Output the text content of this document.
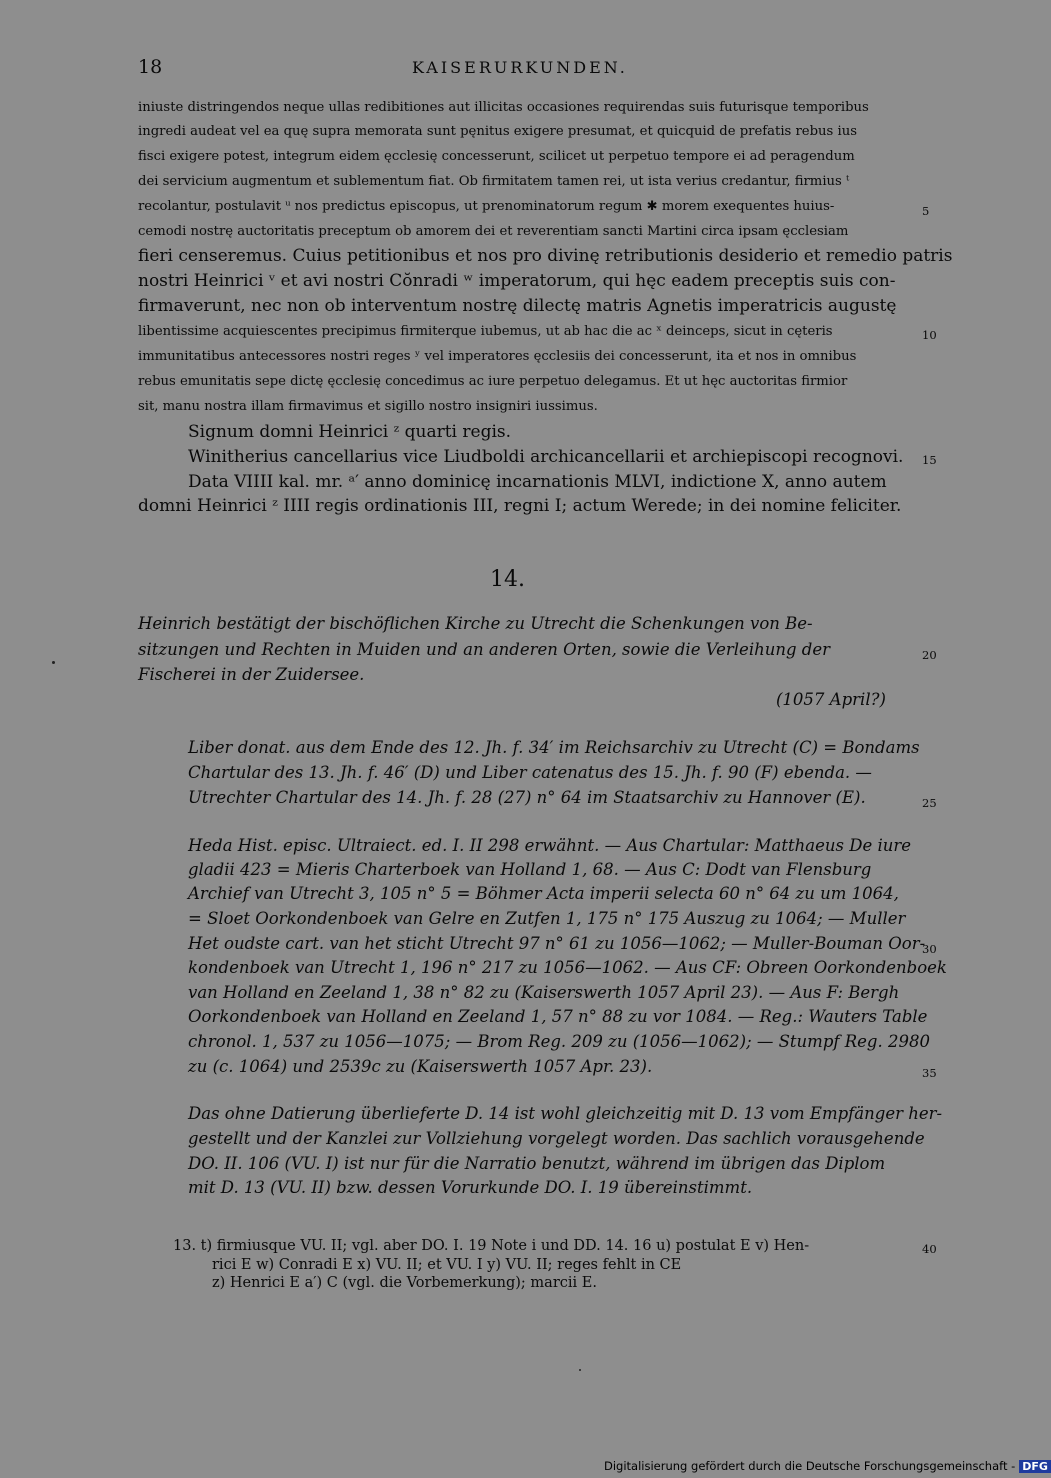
18	KAISERURKUNDEN.
iniuste distringendos neque ullas redibitiones aut illicitas occasiones requirendas suis futurisque temporibus
ingredi audeat vel ea quę supra memorata sunt pęnitus exigere presumat, et quicquid de prefatis rebus ius
fisci exigere potest, integrum eidem ęcclesię concesserunt, scilicet ut perpetuo tempore ei ad peragendum
dei servicium augmentum et sublementum fiat. Ob firmitatem tamen rei, ut ista verius credantur, firmius ᵗ
recolantur, postulavit ᵘ nos predictus episcopus, ut prenominatorum regum ✱ morem exequentes huius-
cemodi nostrę auctoritatis preceptum ob amorem dei et reverentiam sancti Martini circa ipsam ęcclesiam
fieri censeremus. Cuius petitionibus et nos pro divinę retributionis desiderio et remedio patris
nostri Heinrici ᵛ et avi nostri Cŏnradi ʷ imperatorum, qui hęc eadem preceptis suis con-
firmaverunt, nec non ob interventum nostrę dilectę matris Agnetis imperatricis augustę
libentissime acquiescentes precipimus firmiterque iubemus, ut ab hac die ac ˣ deinceps, sicut in cęteris
immunitatibus antecessores nostri reges ʸ vel imperatores ęcclesiis dei concesserunt, ita et nos in omnibus
rebus emunitatis sepe dictę ęcclesię concedimus ac iure perpetuo delegamus. Et ut hęc auctoritas firmior
sit, manu nostra illam firmavimus et sigillo nostro insigniri iussimus.
Signum domni Heinrici ᶻ quarti regis.
Winitherius cancellarius vice Liudboldi archicancellarii et archiepiscopi recognovi.
Data VIIII kal. mr. ᵃ′ anno dominicę incarnationis MLVI, indictione X, anno autem
domni Heinrici ᶻ IIII regis ordinationis III, regni I; actum Werede; in dei nomine feliciter.
5
10
15
20
25
30
35
40
14.
Heinrich bestätigt der bischöflichen Kirche zu Utrecht die Schenkungen von Be-
sitzungen und Rechten in Muiden und an anderen Orten, sowie die Verleihung der
Fischerei in der Zuidersee.
(1057 April?)
Liber donat. aus dem Ende des 12. Jh. f. 34′ im Reichsarchiv zu Utrecht (C) = Bondams
Chartular des 13. Jh. f. 46′ (D) und Liber catenatus des 15. Jh. f. 90 (F) ebenda. —
Utrechter Chartular des 14. Jh. f. 28 (27) n° 64 im Staatsarchiv zu Hannover (E).
Heda Hist. episc. Ultraiect. ed. I. II 298 erwähnt. — Aus Chartular: Matthaeus De iure
gladii 423 = Mieris Charterboek van Holland 1, 68. — Aus C: Dodt van Flensburg
Archief van Utrecht 3, 105 n° 5 = Böhmer Acta imperii selecta 60 n° 64 zu um 1064,
= Sloet Oorkondenboek van Gelre en Zutfen 1, 175 n° 175 Auszug zu 1064; — Muller
Het oudste cart. van het sticht Utrecht 97 n° 61 zu 1056—1062; — Muller-Bouman Oor-
kondenboek van Utrecht 1, 196 n° 217 zu 1056—1062. — Aus CF: Obreen Oorkondenboek
van Holland en Zeeland 1, 38 n° 82 zu (Kaiserswerth 1057 April 23). — Aus F: Bergh
Oorkondenboek van Holland en Zeeland 1, 57 n° 88 zu vor 1084. — Reg.: Wauters Table
chronol. 1, 537 zu 1056—1075; — Brom Reg. 209 zu (1056—1062); — Stumpf Reg. 2980
zu (c. 1064) und 2539c zu (Kaiserswerth 1057 Apr. 23).
Das ohne Datierung überlieferte D. 14 ist wohl gleichzeitig mit D. 13 vom Empfänger her-
gestellt und der Kanzlei zur Vollziehung vorgelegt worden. Das sachlich vorausgehende
DO. II. 106 (VU. I) ist nur für die Narratio benutzt, während im übrigen das Diplom
mit D. 13 (VU. II) bzw. dessen Vorurkunde DO. I. 19 übereinstimmt.
13. t) firmiusque VU. II; vgl. aber DO. I. 19 Note i und DD. 14. 16 u) postulat E v) Hen-
rici E w) Conradi E x) VU. II; et VU. I y) VU. II; reges fehlt in CE
z) Henrici E a′) C (vgl. die Vorbemerkung); marcii E.
Digitalisierung gefördert durch die Deutsche Forschungsgemeinschaft - DFG
